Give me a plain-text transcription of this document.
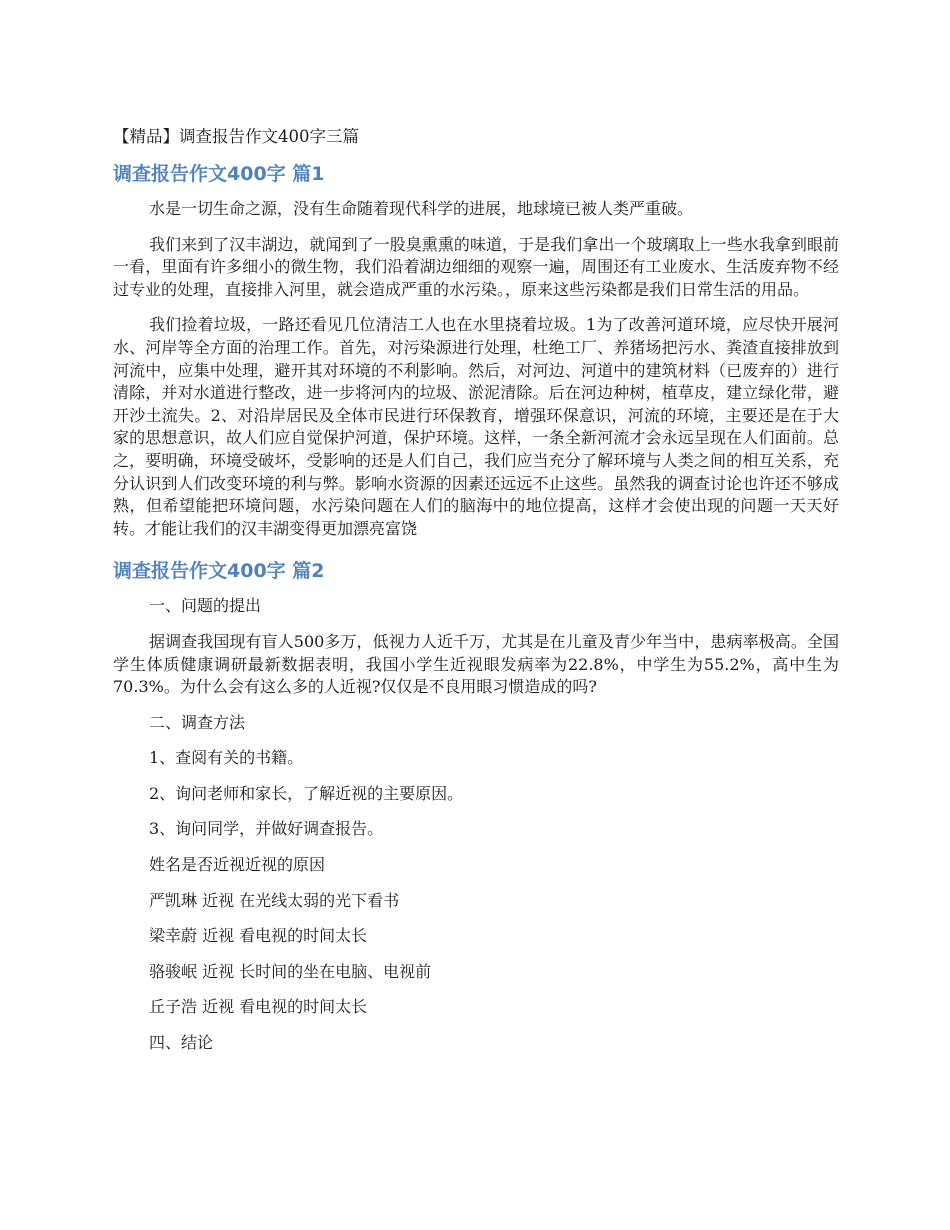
【精品】调查报告作文400字三篇
调查报告作文400字 篇1

水是一切生命之源，没有生命随着现代科学的进展，地球境已被人类严重破。

我们来到了汉丰湖边，就闻到了一股臭熏熏的味道，于是我们拿出一个玻璃取上一些水我拿到眼前一看，里面有许多细小的微生物，我们沿着湖边细细的观察一遍，周围还有工业废水、生活废弃物不经过专业的处理，直接排入河里，就会造成严重的水污染。，原来这些污染都是我们日常生活的用品。

我们捡着垃圾，一路还看见几位清洁工人也在水里挠着垃圾。1为了改善河道环境，应尽快开展河水、河岸等全方面的治理工作。首先，对污染源进行处理，杜绝工厂、养猪场把污水、粪渣直接排放到河流中，应集中处理，避开其对环境的不利影响。然后，对河边、河道中的建筑材料（已废弃的）进行清除，并对水道进行整改，进一步将河内的垃圾、淤泥清除。后在河边种树，植草皮，建立绿化带，避开沙土流失。2、对沿岸居民及全体市民进行环保教育，增强环保意识，河流的环境，主要还是在于大家的思想意识，故人们应自觉保护河道，保护环境。这样，一条全新河流才会永远呈现在人们面前。总之，要明确，环境受破坏，受影响的还是人们自己，我们应当充分了解环境与人类之间的相互关系，充分认识到人们改变环境的利与弊。影响水资源的因素还远远不止这些。虽然我的调查讨论也许还不够成熟，但希望能把环境问题，水污染问题在人们的脑海中的地位提高，这样才会使出现的问题一天天好转。才能让我们的汉丰湖变得更加漂亮富饶

调查报告作文400字 篇2

一、问题的提出

据调查我国现有盲人500多万，低视力人近千万，尤其是在儿童及青少年当中，患病率极高。全国学生体质健康调研最新数据表明，我国小学生近视眼发病率为22.8%，中学生为55.2%，高中生为70.3%。为什么会有这么多的人近视?仅仅是不良用眼习惯造成的吗?

二、调查方法

1、查阅有关的书籍。

2、询问老师和家长，了解近视的主要原因。

3、询问同学，并做好调查报告。

姓名是否近视近视的原因

严凯琳 近视 在光线太弱的光下看书

梁幸蔚 近视 看电视的时间太长

骆骏岷 近视 长时间的坐在电脑、电视前

丘子浩 近视 看电视的时间太长

四、结论
